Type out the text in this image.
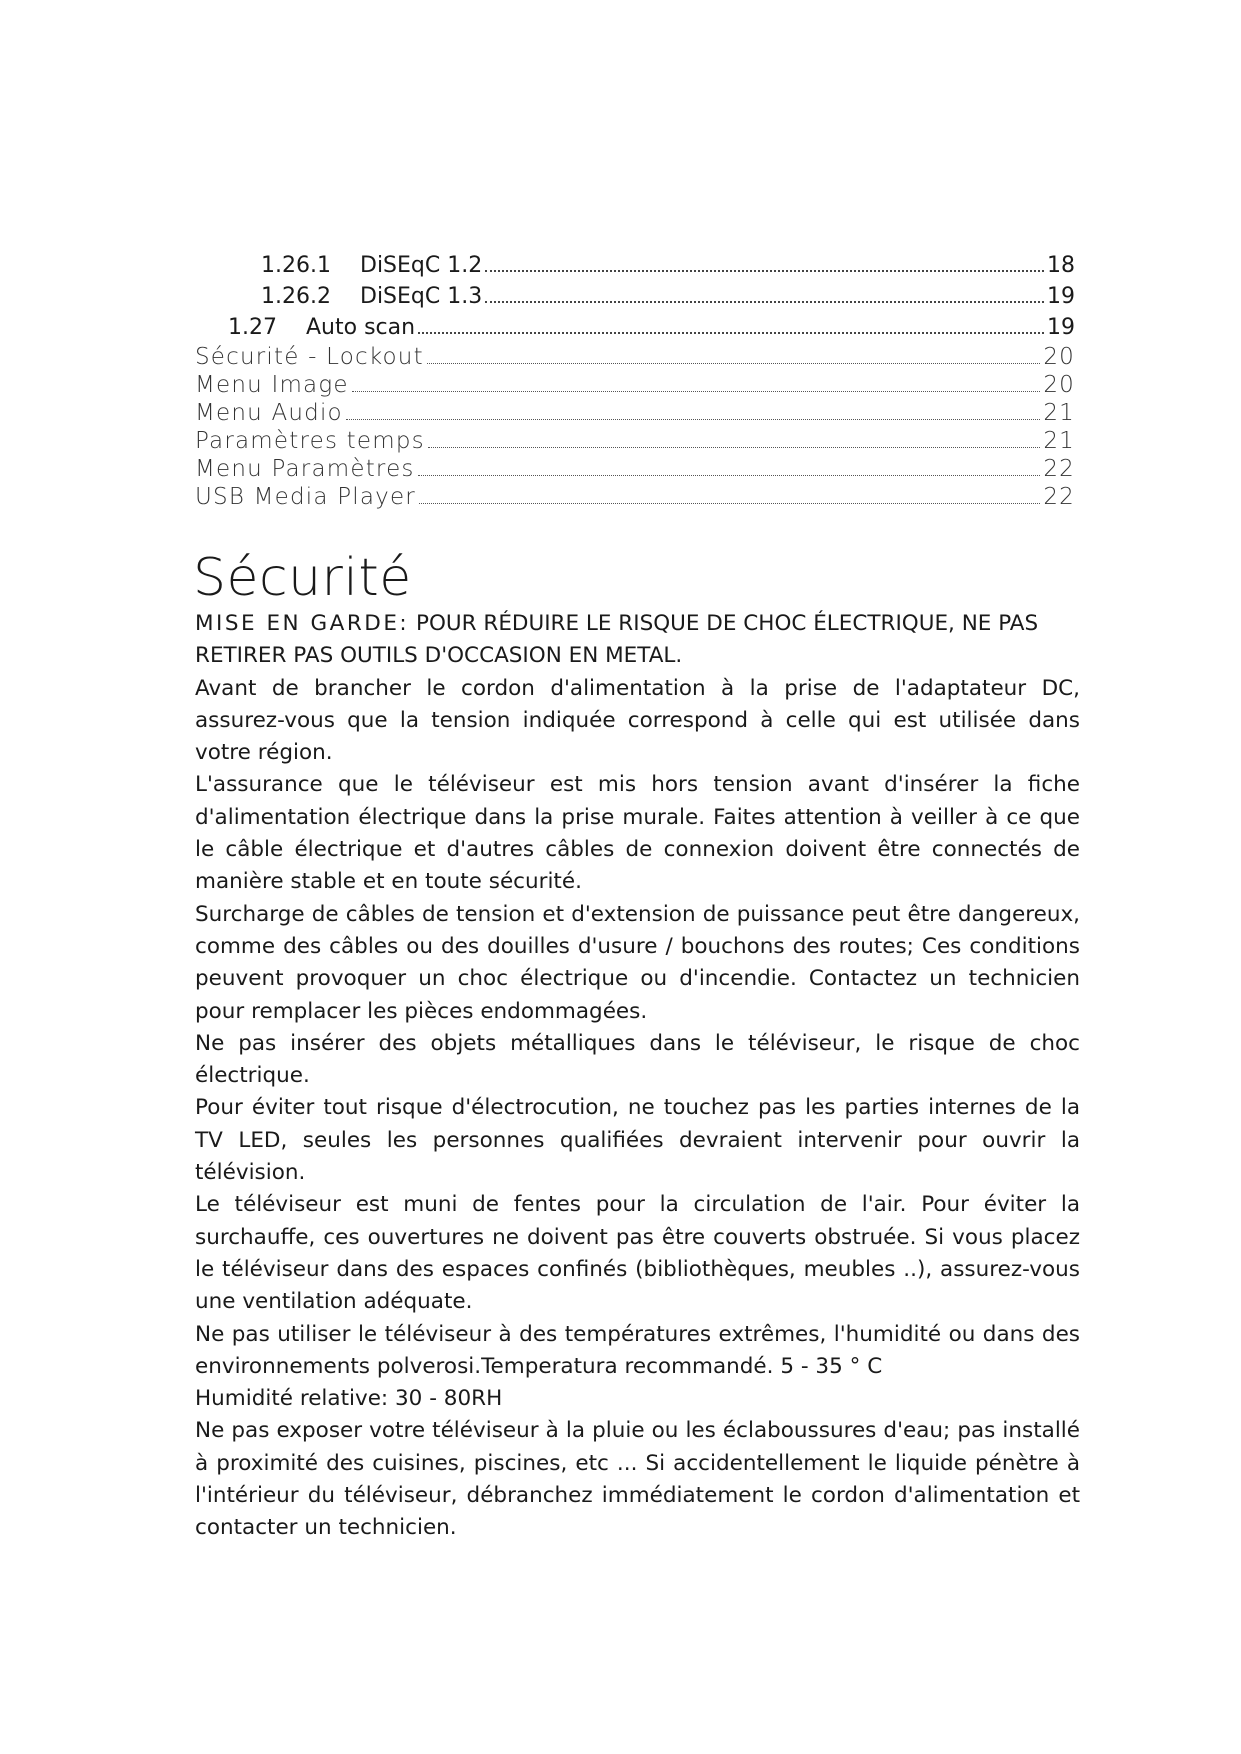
1.26.1	DiSEqC 1.2	18
1.26.2	DiSEqC 1.3	19
1.27	Auto scan	19
Sécurité - Lockout	20
Menu Image	20
Menu Audio	21
Paramètres temps	21
Menu Paramètres	22
USB Media Player	22
Sécurité

MISE EN GARDE: POUR RÉDUIRE LE RISQUE DE CHOC ÉLECTRIQUE, NE PAS RETIRER PAS OUTILS D'OCCASION EN METAL.

Avant de brancher le cordon d'alimentation à la prise de l'adaptateur DC, assurez-vous que la tension indiquée correspond à celle qui est utilisée dans votre région.

L'assurance que le téléviseur est mis hors tension avant d'insérer la fiche d'alimentation électrique dans la prise murale. Faites attention à veiller à ce que le câble électrique et d'autres câbles de connexion doivent être connectés de manière stable et en toute sécurité.

Surcharge de câbles de tension et d'extension de puissance peut être dangereux, comme des câbles ou des douilles d'usure / bouchons des routes; Ces conditions peuvent provoquer un choc électrique ou d'incendie. Contactez un technicien pour remplacer les pièces endommagées.

Ne pas insérer des objets métalliques dans le téléviseur, le risque de choc électrique.

Pour éviter tout risque d'électrocution, ne touchez pas les parties internes de la TV LED, seules les personnes qualifiées devraient intervenir pour ouvrir la télévision.

Le téléviseur est muni de fentes pour la circulation de l'air. Pour éviter la surchauffe, ces ouvertures ne doivent pas être couverts obstruée. Si vous placez le téléviseur dans des espaces confinés (bibliothèques, meubles ..), assurez-vous une ventilation adéquate.

Ne pas utiliser le téléviseur à des températures extrêmes, l'humidité ou dans des environnements polverosi.Temperatura recommandé. 5 - 35 ° C

Humidité relative: 30 - 80RH

Ne pas exposer votre téléviseur à la pluie ou les éclaboussures d'eau; pas installé à proximité des cuisines, piscines, etc ... Si accidentellement le liquide pénètre à l'intérieur du téléviseur, débranchez immédiatement le cordon d'alimentation et contacter un technicien.
